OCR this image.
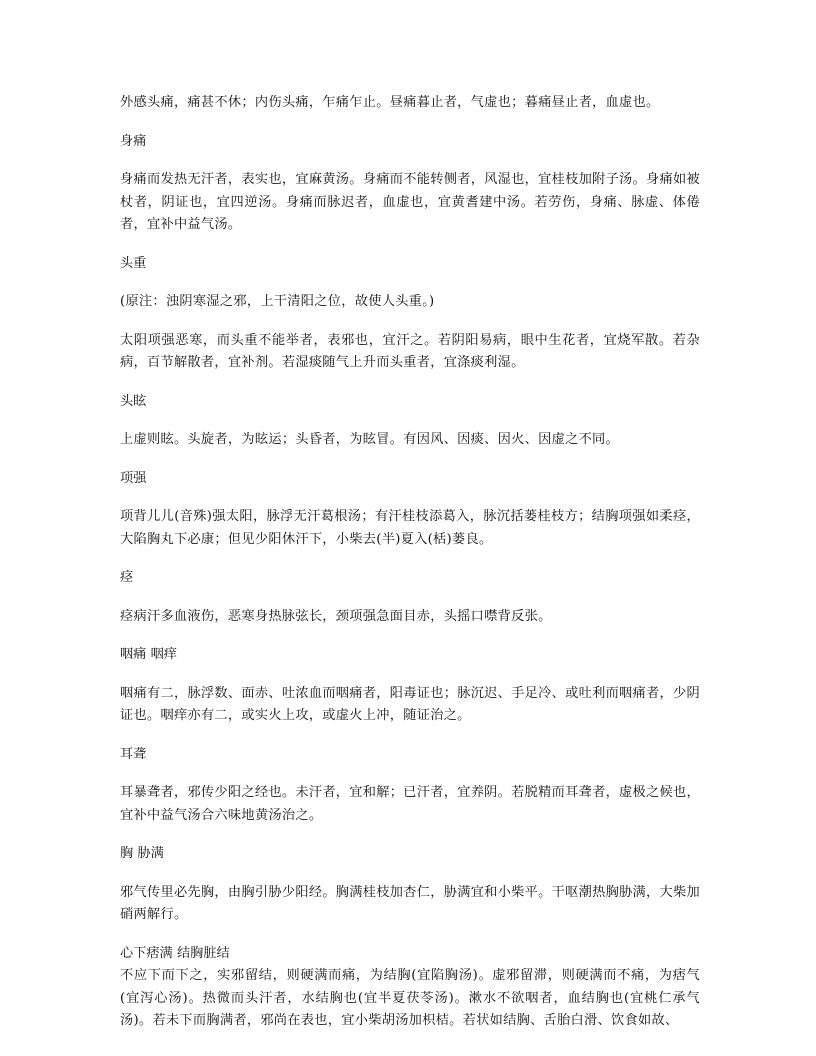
外感头痛，痛甚不休；内伤头痛，乍痛乍止。昼痛暮止者，气虚也；暮痛昼止者，血虚也。

身痛

身痛而发热无汗者，表实也，宜麻黄汤。身痛而不能转侧者，风湿也，宜桂枝加附子汤。身痛如被杖者，阴证也，宜四逆汤。身痛而脉迟者，血虚也，宜黄耆建中汤。若劳伤，身痛、脉虚、体倦者，宜补中益气汤。

头重

(原注：浊阴寒湿之邪，上干清阳之位，故使人头重。)

太阳项强恶寒，而头重不能举者，表邪也，宜汗之。若阴阳易病，眼中生花者，宜烧军散。若杂病，百节解散者，宜补剂。若湿痰随气上升而头重者，宜涤痰利湿。

头眩

上虚则眩。头旋者，为眩运；头昏者，为眩冒。有因风、因痰、因火、因虚之不同。

项强

项背儿儿(音殊)强太阳，脉浮无汗葛根汤；有汗桂枝添葛入，脉沉括蒌桂枝方；结胸项强如柔痉，大陷胸丸下必康；但见少阳休汗下，小柴去(半)夏入(栝)蒌良。

痉

痉病汗多血液伤，恶寒身热脉弦长，颈项强急面目赤，头摇口噤背反张。

咽痛 咽痒

咽痛有二，脉浮数、面赤、吐浓血而咽痛者，阳毒证也；脉沉迟、手足冷、或吐利而咽痛者，少阴证也。咽痒亦有二，或实火上攻，或虚火上冲，随证治之。

耳聋

耳暴聋者，邪传少阳之经也。未汗者，宜和解；已汗者，宜养阴。若脱精而耳聋者，虚极之候也，宜补中益气汤合六味地黄汤治之。

胸 胁满

邪气传里必先胸，由胸引胁少阳经。胸满桂枝加杏仁，胁满宜和小柴平。干呕潮热胸胁满，大柴加硝两解行。

心下痞满 结胸脏结

不应下而下之，实邪留结，则硬满而痛，为结胸(宜陷胸汤)。虚邪留滞，则硬满而不痛，为痞气(宜泻心汤)。热微而头汗者，水结胸也(宜半夏茯苓汤)。漱水不欲咽者，血结胸也(宜桃仁承气汤)。若未下而胸满者，邪尚在表也，宜小柴胡汤加枳桔。若状如结胸、舌胎白滑、饮食如故、
